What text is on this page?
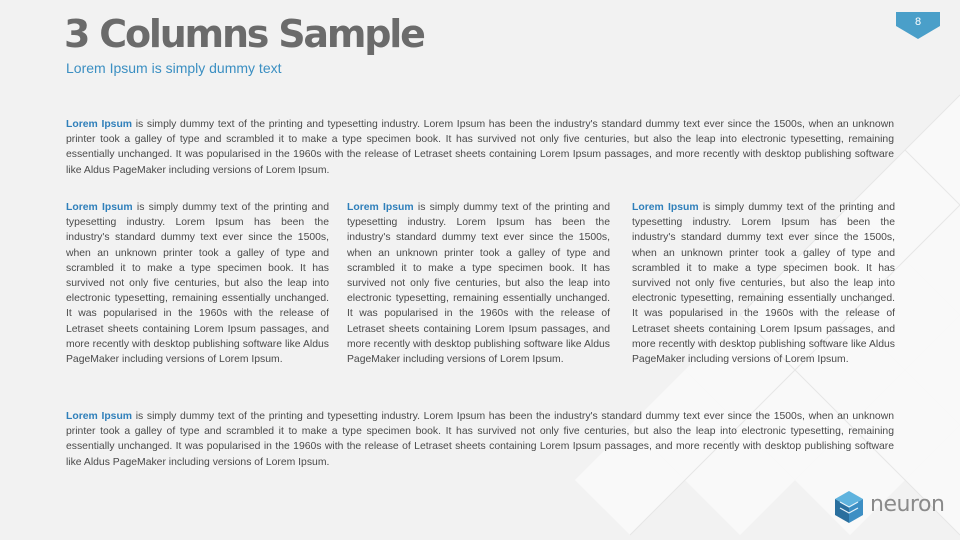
3 Columns Sample
Lorem Ipsum is simply dummy text
8
Lorem Ipsum is simply dummy text of the printing and typesetting industry. Lorem Ipsum has been the industry's standard dummy text ever since the 1500s, when an unknown printer took a galley of type and scrambled it to make a type specimen book. It has survived not only five centuries, but also the leap into electronic typesetting, remaining essentially unchanged. It was popularised in the 1960s with the release of Letraset sheets containing Lorem Ipsum passages, and more recently with desktop publishing software like Aldus PageMaker including versions of Lorem Ipsum.
Lorem Ipsum is simply dummy text of the printing and typesetting industry. Lorem Ipsum has been the industry's standard dummy text ever since the 1500s, when an unknown printer took a galley of type and scrambled it to make a type specimen book. It has survived not only five centuries, but also the leap into electronic typesetting, remaining essentially unchanged. It was popularised in the 1960s with the release of Letraset sheets containing Lorem Ipsum passages, and more recently with desktop publishing software like Aldus PageMaker including versions of Lorem Ipsum.
Lorem Ipsum is simply dummy text of the printing and typesetting industry. Lorem Ipsum has been the industry's standard dummy text ever since the 1500s, when an unknown printer took a galley of type and scrambled it to make a type specimen book. It has survived not only five centuries, but also the leap into electronic typesetting, remaining essentially unchanged. It was popularised in the 1960s with the release of Letraset sheets containing Lorem Ipsum passages, and more recently with desktop publishing software like Aldus PageMaker including versions of Lorem Ipsum.
Lorem Ipsum is simply dummy text of the printing and typesetting industry. Lorem Ipsum has been the industry's standard dummy text ever since the 1500s, when an unknown printer took a galley of type and scrambled it to make a type specimen book. It has survived not only five centuries, but also the leap into electronic typesetting, remaining essentially unchanged. It was popularised in the 1960s with the release of Letraset sheets containing Lorem Ipsum passages, and more recently with desktop publishing software like Aldus PageMaker including versions of Lorem Ipsum.
Lorem Ipsum is simply dummy text of the printing and typesetting industry. Lorem Ipsum has been the industry's standard dummy text ever since the 1500s, when an unknown printer took a galley of type and scrambled it to make a type specimen book. It has survived not only five centuries, but also the leap into electronic typesetting, remaining essentially unchanged. It was popularised in the 1960s with the release of Letraset sheets containing Lorem Ipsum passages, and more recently with desktop publishing software like Aldus PageMaker including versions of Lorem Ipsum.
neuron
